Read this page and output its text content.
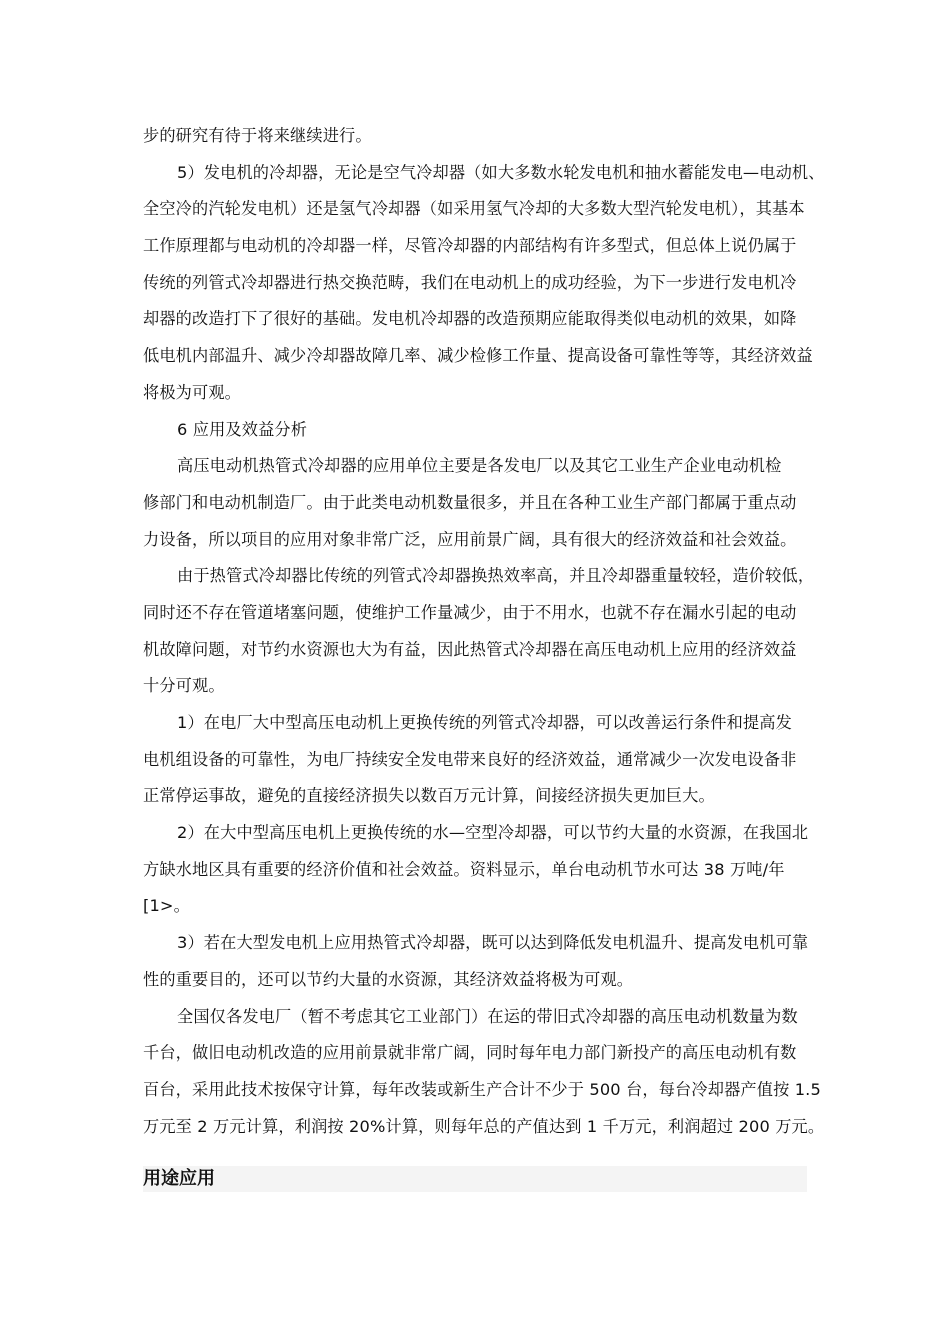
步的研究有待于将来继续进行。
5）发电机的冷却器，无论是空气冷却器（如大多数水轮发电机和抽水蓄能发电—电动机、
全空冷的汽轮发电机）还是氢气冷却器（如采用氢气冷却的大多数大型汽轮发电机），其基本
工作原理都与电动机的冷却器一样，尽管冷却器的内部结构有许多型式，但总体上说仍属于
传统的列管式冷却器进行热交换范畴，我们在电动机上的成功经验，为下一步进行发电机冷
却器的改造打下了很好的基础。发电机冷却器的改造预期应能取得类似电动机的效果，如降
低电机内部温升、减少冷却器故障几率、减少检修工作量、提高设备可靠性等等，其经济效益
将极为可观。
6 应用及效益分析
高压电动机热管式冷却器的应用单位主要是各发电厂以及其它工业生产企业电动机检
修部门和电动机制造厂。由于此类电动机数量很多，并且在各种工业生产部门都属于重点动
力设备，所以项目的应用对象非常广泛，应用前景广阔，具有很大的经济效益和社会效益。
由于热管式冷却器比传统的列管式冷却器换热效率高，并且冷却器重量较轻，造价较低，
同时还不存在管道堵塞问题，使维护工作量减少，由于不用水，也就不存在漏水引起的电动
机故障问题，对节约水资源也大为有益，因此热管式冷却器在高压电动机上应用的经济效益
十分可观。
1）在电厂大中型高压电动机上更换传统的列管式冷却器，可以改善运行条件和提高发
电机组设备的可靠性，为电厂持续安全发电带来良好的经济效益，通常减少一次发电设备非
正常停运事故，避免的直接经济损失以数百万元计算，间接经济损失更加巨大。
2）在大中型高压电机上更换传统的水—空型冷却器，可以节约大量的水资源，在我国北
方缺水地区具有重要的经济价值和社会效益。资料显示，单台电动机节水可达 38 万吨/年
[1>。
3）若在大型发电机上应用热管式冷却器，既可以达到降低发电机温升、提高发电机可靠
性的重要目的，还可以节约大量的水资源，其经济效益将极为可观。
全国仅各发电厂（暂不考虑其它工业部门）在运的带旧式冷却器的高压电动机数量为数
千台，做旧电动机改造的应用前景就非常广阔，同时每年电力部门新投产的高压电动机有数
百台，采用此技术按保守计算，每年改装或新生产合计不少于 500 台，每台冷却器产值按 1.5
万元至 2 万元计算，利润按 20%计算，则每年总的产值达到 1 千万元，利润超过 200 万元。
用途应用
